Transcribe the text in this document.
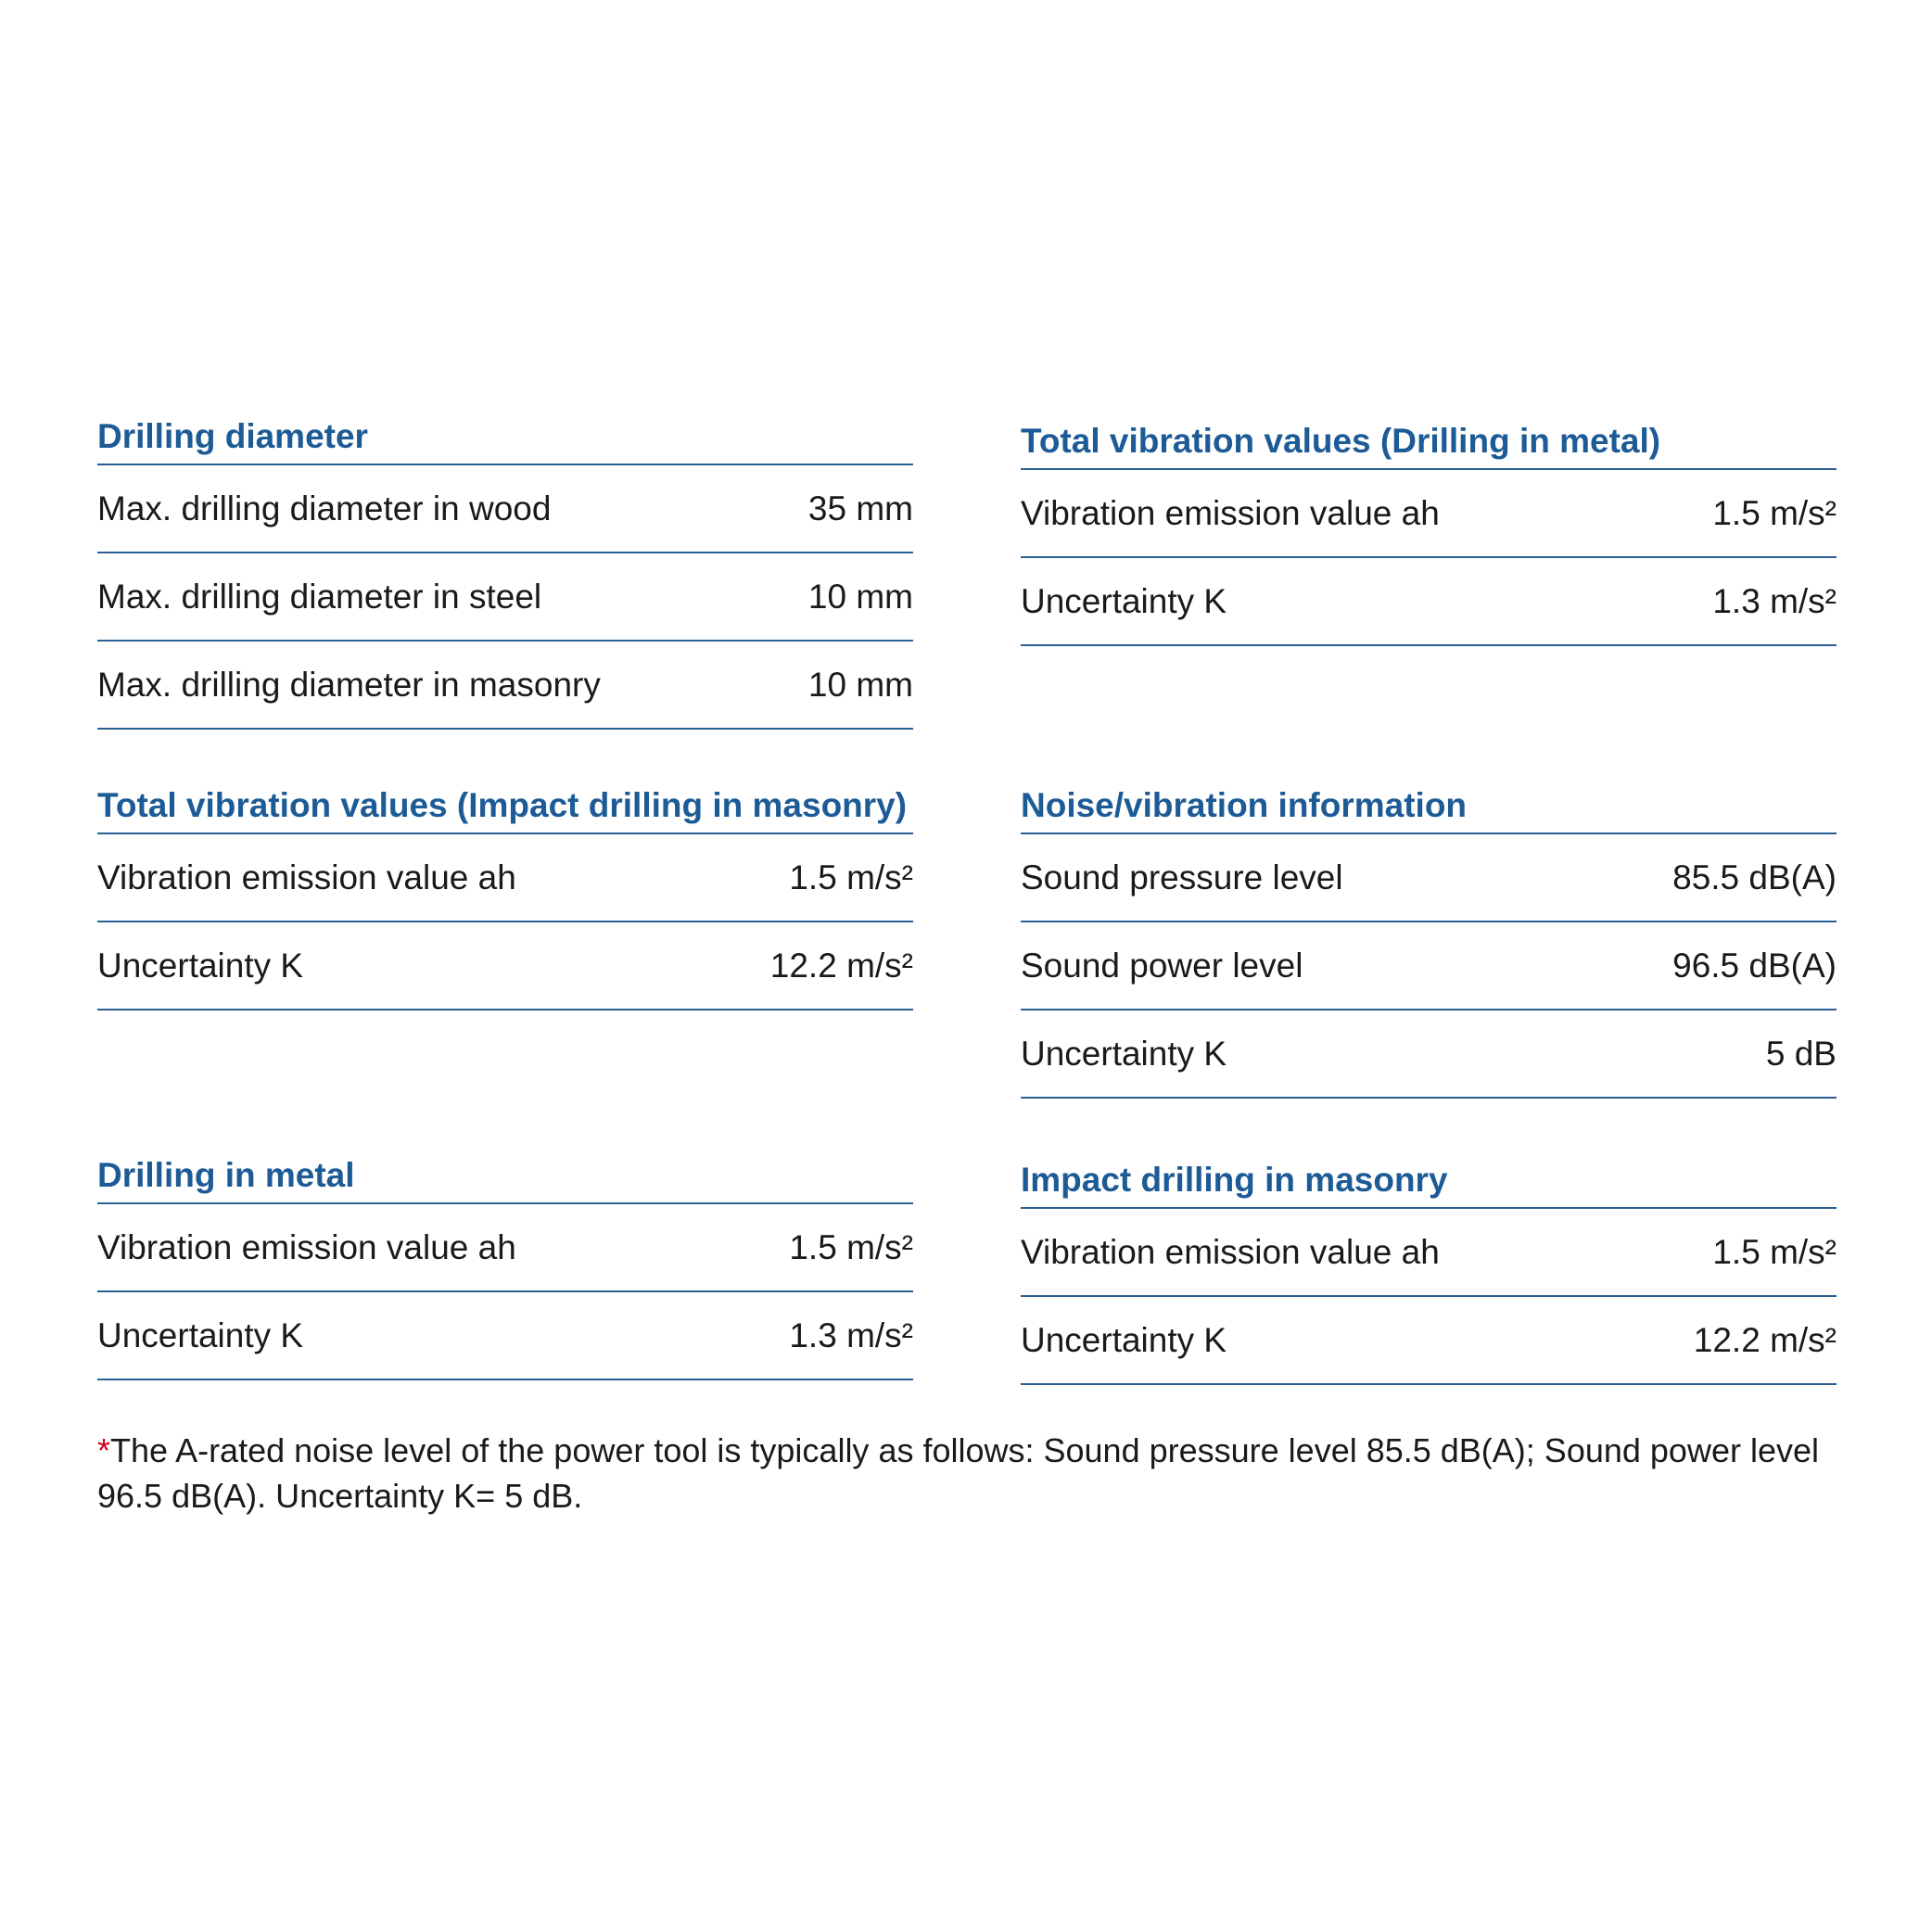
Drilling diameter
Max. drilling diameter in wood	35 mm
Max. drilling diameter in steel	10 mm
Max. drilling diameter in masonry	10 mm
Total vibration values (Impact drilling in masonry)
Vibration emission value ah	1.5 m/s²
Uncertainty K	12.2 m/s²
Drilling in metal
Vibration emission value ah	1.5 m/s²
Uncertainty K	1.3 m/s²
Total vibration values (Drilling in metal)
Vibration emission value ah	1.5 m/s²
Uncertainty K	1.3 m/s²
Noise/vibration information
Sound pressure level	85.5 dB(A)
Sound power level	96.5 dB(A)
Uncertainty K	5 dB
Impact drilling in masonry
Vibration emission value ah	1.5 m/s²
Uncertainty K	12.2 m/s²
*The A-rated noise level of the power tool is typically as follows: Sound pressure level 85.5 dB(A); Sound power level 96.5 dB(A). Uncertainty K= 5 dB.
